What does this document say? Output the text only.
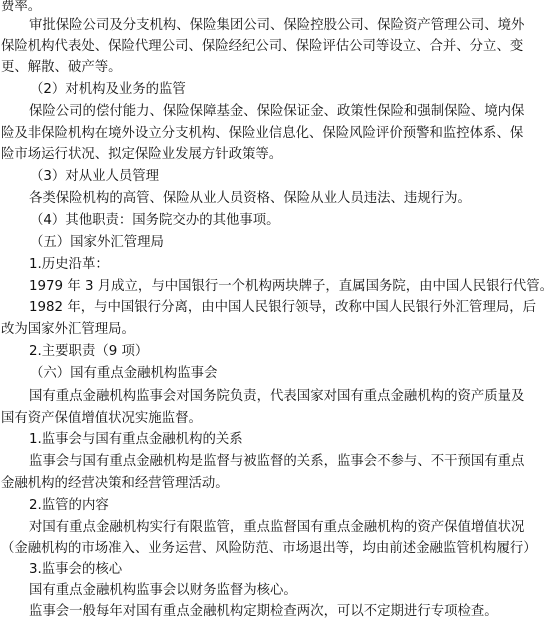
费率。
审批保险公司及分支机构、保险集团公司、保险控股公司、保险资产管理公司、境外
保险机构代表处、保险代理公司、保险经纪公司、保险评估公司等设立、合并、分立、变
更、解散、破产等。
（2）对机构及业务的监管
保险公司的偿付能力、保险保障基金、保险保证金、政策性保险和强制保险、境内保
险及非保险机构在境外设立分支机构、保险业信息化、保险风险评价预警和监控体系、保
险市场运行状况、拟定保险业发展方针政策等。
（3）对从业人员管理
各类保险机构的高管、保险从业人员资格、保险从业人员违法、违规行为。
（4）其他职责：国务院交办的其他事项。
（五）国家外汇管理局
1.历史沿革：
1979 年 3 月成立，与中国银行一个机构两块牌子，直属国务院，由中国人民银行代管。
1982 年，与中国银行分离，由中国人民银行领导，改称中国人民银行外汇管理局，后
改为国家外汇管理局。
2.主要职责（9 项）
（六）国有重点金融机构监事会
国有重点金融机构监事会对国务院负责，代表国家对国有重点金融机构的资产质量及
国有资产保值增值状况实施监督。
1.监事会与国有重点金融机构的关系
监事会与国有重点金融机构是监督与被监督的关系，监事会不参与、不干预国有重点
金融机构的经营决策和经营管理活动。
2.监管的内容
对国有重点金融机构实行有限监管，重点监督国有重点金融机构的资产保值增值状况
（金融机构的市场准入、业务运营、风险防范、市场退出等，均由前述金融监管机构履行）
3.监事会的核心
国有重点金融机构监事会以财务监督为核心。
监事会一般每年对国有重点金融机构定期检查两次，可以不定期进行专项检查。
